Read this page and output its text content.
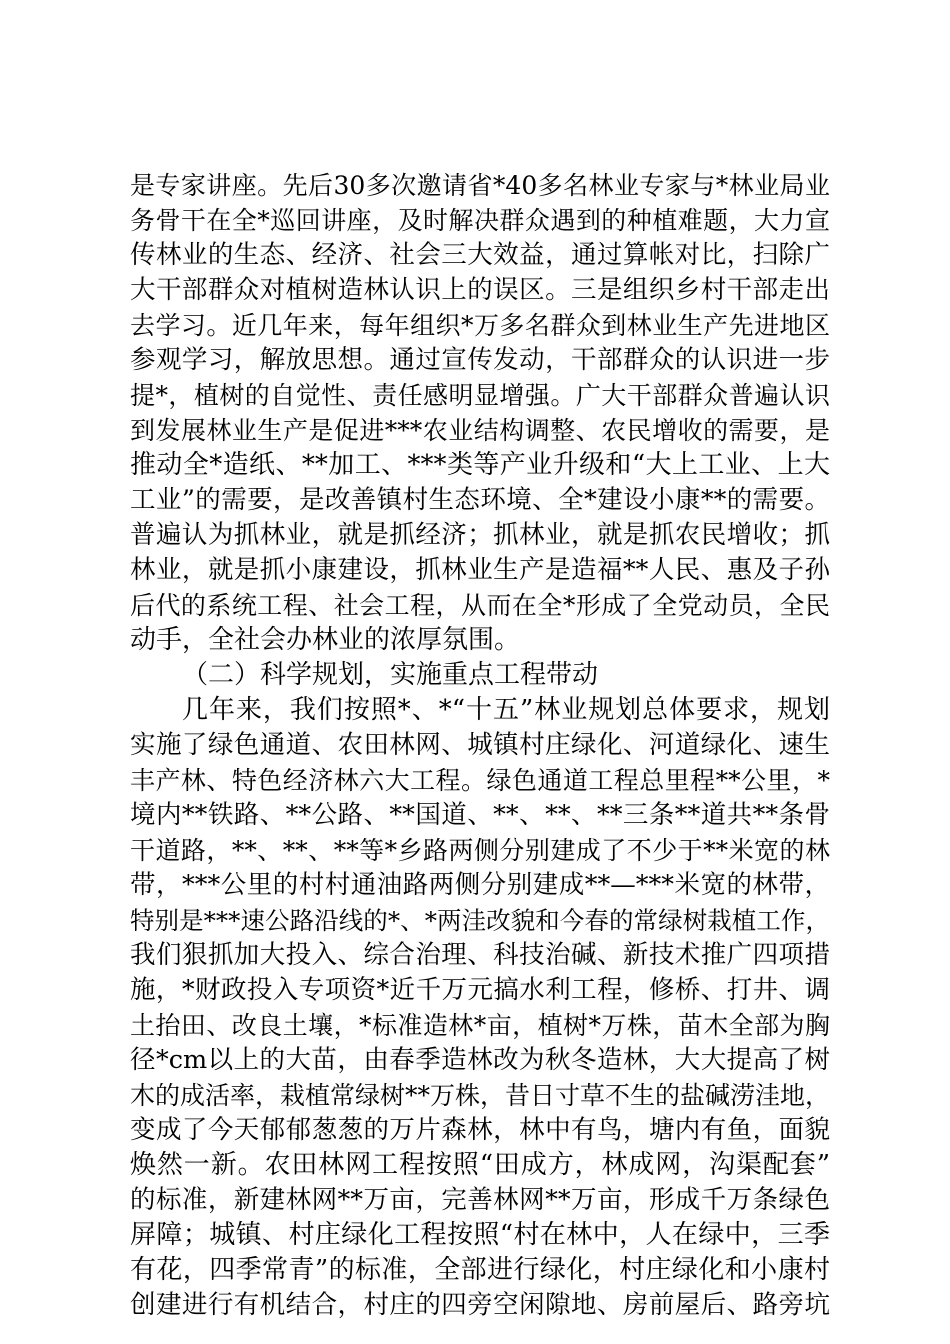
是专家讲座。先后30多次邀请省*40多名林业专家与*林业局业
务骨干在全*巡回讲座，及时解决群众遇到的种植难题，大力宣
传林业的生态、经济、社会三大效益，通过算帐对比，扫除广
大干部群众对植树造林认识上的误区。三是组织乡村干部走出
去学习。近几年来，每年组织*万多名群众到林业生产先进地区
参观学习，解放思想。通过宣传发动，干部群众的认识进一步
提*，植树的自觉性、责任感明显增强。广大干部群众普遍认识
到发展林业生产是促进***农业结构调整、农民增收的需要，是
推动全*造纸、**加工、***类等产业升级和“大上工业、上大
工业”的需要，是改善镇村生态环境、全*建设小康**的需要。
普遍认为抓林业，就是抓经济；抓林业，就是抓农民增收；抓
林业，就是抓小康建设，抓林业生产是造福**人民、惠及子孙
后代的系统工程、社会工程，从而在全*形成了全党动员，全民
动手，全社会办林业的浓厚氛围。
（二）科学规划，实施重点工程带动
几年来，我们按照*、*“十五”林业规划总体要求，规划
实施了绿色通道、农田林网、城镇村庄绿化、河道绿化、速生
丰产林、特色经济林六大工程。绿色通道工程总里程**公里，*
境内**铁路、**公路、**国道、**、**、**三条**道共**条骨
干道路，**、**、**等*乡路两侧分别建成了不少于**米宽的林
带，***公里的村村通油路两侧分别建成**—***米宽的林带，
特别是***速公路沿线的*、*两洼改貌和今春的常绿树栽植工作，
我们狠抓加大投入、综合治理、科技治碱、新技术推广四项措
施，*财政投入专项资*近千万元搞水利工程，修桥、打井、调
土抬田、改良土壤，*标准造林*亩，植树*万株，苗木全部为胸
径*cm以上的大苗，由春季造林改为秋冬造林，大大提高了树
木的成活率，栽植常绿树**万株，昔日寸草不生的盐碱涝洼地，
变成了今天郁郁葱葱的万片森林，林中有鸟，塘内有鱼，面貌
焕然一新。农田林网工程按照“田成方，林成网，沟渠配套”
的标准，新建林网**万亩，完善林网**万亩，形成千万条绿色
屏障；城镇、村庄绿化工程按照“村在林中，人在绿中，三季
有花，四季常青”的标准，全部进行绿化，村庄绿化和小康村
创建进行有机结合，村庄的四旁空闲隙地、房前屋后、路旁坑
